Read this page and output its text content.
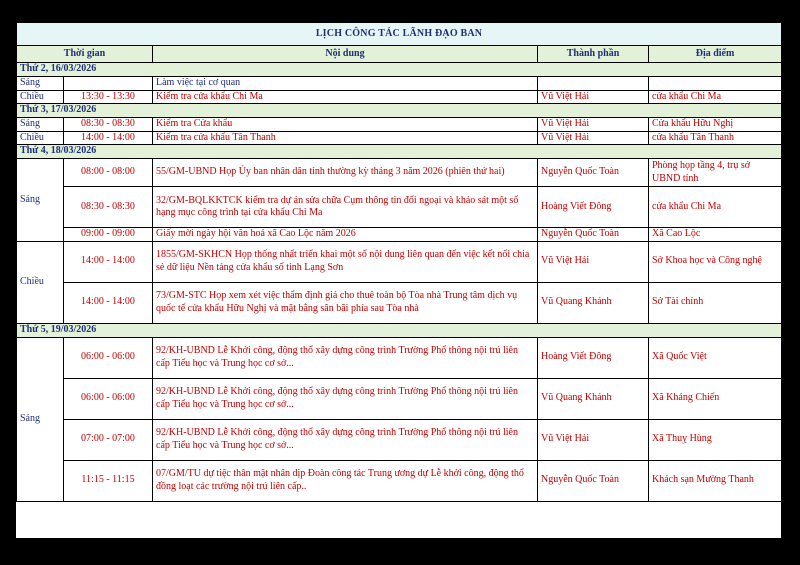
LỊCH CÔNG TÁC LÃNH ĐẠO BAN				
Thời gian		Nội dung	Thành phần	Địa điểm
Thứ 2, 16/03/2026				
Sáng		Làm việc tại cơ quan		
Chiều	13:30 - 13:30	Kiểm tra cửa khẩu Chi Ma	Vũ Việt Hải	cửa khẩu Chi Ma
Thứ 3, 17/03/2026				
Sáng	08:30 - 08:30	Kiểm tra Cửa khẩu	Vũ Việt Hải	Cửa khẩu Hữu Nghị
Chiều	14:00 - 14:00	Kiểm tra cửa khẩu Tân Thanh	Vũ Việt Hải	cửa khẩu Tân Thanh
Thứ 4, 18/03/2026				
Sáng	08:00 - 08:00	55/GM-UBND Họp Ủy ban nhân dân tỉnh thường kỳ tháng 3 năm 2026 (phiên thứ hai)	Nguyễn Quốc Toàn	Phòng họp tầng 4, trụ sở UBND tỉnh
	08:30 - 08:30	32/GM-BQLKKTCK kiểm tra dự án sửa chữa Cụm thông tin đối ngoại và khảo sát một số hạng mục công trình tại cửa khẩu Chi Ma	Hoàng Viết Đông	cửa khẩu Chi Ma
	09:00 - 09:00	Giấy mời ngày hội văn hoá xã Cao Lộc năm 2026	Nguyễn Quốc Toàn	Xã Cao Lộc
Chiều	14:00 - 14:00	1855/GM-SKHCN Họp thống nhất triển khai một số nội dung liên quan đến việc kết nối chia sẻ dữ liệu Nền tảng cửa khẩu số tỉnh Lạng Sơn	Vũ Việt Hải	Sở Khoa học và Công nghệ
	14:00 - 14:00	73/GM-STC Họp xem xét việc thẩm định giá cho thuê toàn bộ Tòa nhà Trung tâm dịch vụ quốc tế cửa khẩu Hữu Nghị và mặt bằng sân bãi phía sau Tòa nhà	Vũ Quang Khánh	Sở Tài chính
Thứ 5, 19/03/2026				
Sáng	06:00 - 06:00	92/KH-UBND Lễ Khởi công, động thổ xây dựng công trình Trường Phổ thông nội trú liên cấp Tiểu học và Trung học cơ sở...	Hoàng Viết Đông	Xã Quốc Việt
	06:00 - 06:00	92/KH-UBND Lễ Khởi công, động thổ xây dựng công trình Trường Phổ thông nội trú liên cấp Tiểu học và Trung học cơ sở...	Vũ Quang Khánh	Xã Kháng Chiến
	07:00 - 07:00	92/KH-UBND Lễ Khởi công, động thổ xây dựng công trình Trường Phổ thông nội trú liên cấp Tiểu học và Trung học cơ sở...	Vũ Việt Hải	Xã Thuỵ Hùng
	11:15 - 11:15	07/GM/TU dự tiệc thân mật nhân dịp Đoàn công tác Trung ương dự Lễ khởi công, động thổ đồng loạt các trường nội trú liên cấp..	Nguyễn Quốc Toàn	Khách sạn Mường Thanh
